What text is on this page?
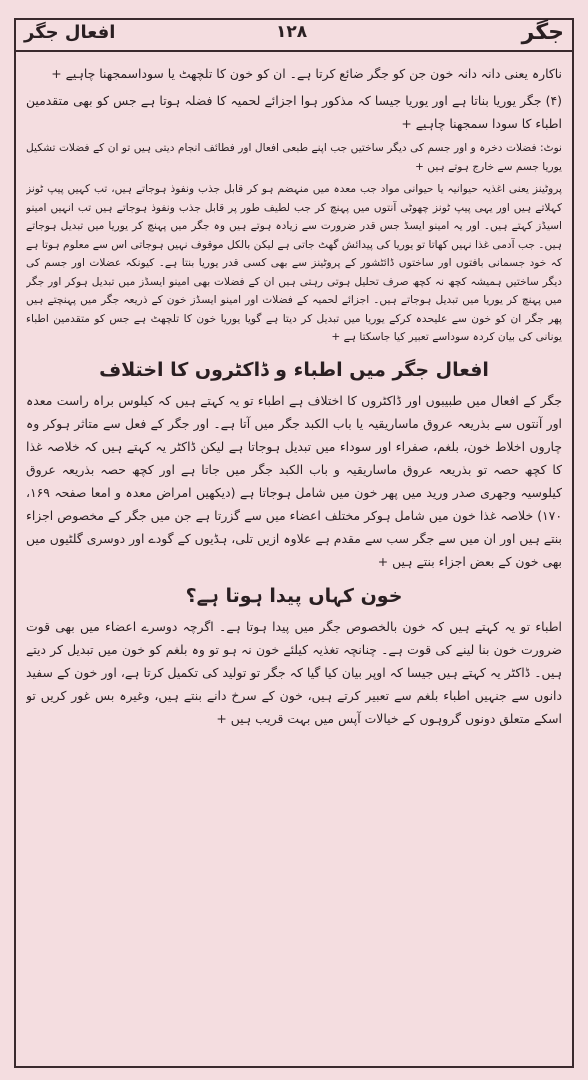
جگر
۱۲۸
افعال جگر

ناکارہ یعنی دانہ دانہ خون جن کو جگر ضائع کرتا ہے۔ ان کو خون کا تلچھٹ یا سوداسمجھنا چاہیے +

(۴) جگر یوریا بناتا ہے اور یوریا جیسا کہ مذکور ہوا اجزائے لحمیہ کا فضلہ ہوتا ہے جس کو بھی متقدمین اطباء کا سودا سمجھنا چاہیے +

نوٹ: فضلات دخرہ و اور جسم کی دیگر ساختیں جب اپنے طبعی افعال اور فطائف انجام دیتی ہیں تو ان کے فضلات تشکیل یوریا جسم سے خارج ہوتے ہیں +

پروٹینز یعنی اغذیہ حیوانیہ یا حیوانی مواد جب معدہ میں منہضم ہو کر قابل جذب ونفوذ ہوجاتے ہیں، تب کہیں پیپ ٹونز کہلاتے ہیں اور یہی پیپ ٹونز چھوٹی آنتوں میں پہنچ کر جب لطیف طور پر قابل جذب ونفوذ ہوجاتے ہیں تب انہیں امینو اسیڈز کہتے ہیں۔ اور یہ امینو ایسڈ جس قدر ضرورت سے زیادہ ہوتے ہیں وہ جگر میں پہنچ کر یوریا میں تبدیل ہوجاتے ہیں۔ جب آدمی غذا نہیں کھاتا تو یوریا کی پیدائش گھٹ جاتی ہے لیکن بالکل موقوف نہیں ہوجاتی اس سے معلوم ہوتا ہے کہ خود جسمانی بافتوں اور ساختوں ڈائٹشور کے پروٹینز سے بھی کسی قدر یوریا بنتا ہے۔ کیونکہ عضلات اور جسم کی دیگر ساختیں ہمیشہ کچھ نہ کچھ صرف تحلیل ہوتی رہتی ہیں ان کے فضلات بھی امینو ایسڈز میں تبدیل ہوکر اور جگر میں پہنچ کر یوریا میں تبدیل ہوجاتے ہیں۔ اجزائے لحمیہ کے فضلات اور امینو ایسڈز خون کے ذریعہ جگر میں پہنچتے ہیں پھر جگر ان کو خون سے علیحدہ کرکے یوریا میں تبدیل کر دیتا ہے گویا یوریا خون کا تلچھٹ ہے جس کو متقدمین اطباء یونانی کی بیان کردہ سوداسے تعبیر کیا جاسکتا ہے +

افعال جگر میں اطباء و ڈاکٹروں کا اختلاف

جگر کے افعال میں طبیبوں اور ڈاکٹروں کا اختلاف ہے اطباء تو یہ کہتے ہیں کہ کیلوس براہ راست معدہ اور آنتوں سے بذریعہ عروق ماساریقیہ یا باب الکبد جگر میں آتا ہے۔ اور جگر کے فعل سے متاثر ہوکر وہ چاروں اخلاط خون، بلغم، صفراء اور سوداء میں تبدیل ہوجاتا ہے لیکن ڈاکٹر یہ کہتے ہیں کہ خلاصہ غذا کا کچھ حصہ تو بذریعہ عروق ماساریقیہ و باب الکبد جگر میں جاتا ہے اور کچھ حصہ بذریعہ عروق کیلوسیہ وجھری صدر ورید میں پھر خون میں شامل ہوجاتا ہے (دیکھیں امراض معدہ و امعا صفحہ ۱۶۹، ۱۷۰) خلاصہ غذا خون میں شامل ہوکر مختلف اعضاء میں سے گزرتا ہے جن میں جگر کے مخصوص اجزاء بنتے ہیں اور ان میں سے جگر سب سے مقدم ہے علاوہ ازیں تلی، ہڈیوں کے گودے اور دوسری گلٹیوں میں بھی خون کے بعض اجزاء بنتے ہیں +

خون کہاں پیدا ہوتا ہے؟

اطباء تو یہ کہتے ہیں کہ خون بالخصوص جگر میں پیدا ہوتا ہے۔ اگرچہ دوسرے اعضاء میں بھی قوت ضرورت خون بنا لینے کی قوت ہے۔ چنانچہ تغذیہ کیلئے خون نہ ہو تو وہ بلغم کو خون میں تبدیل کر دیتے ہیں۔ ڈاکٹر یہ کہتے ہیں جیسا کہ اوپر بیان کیا گیا کہ جگر تو تولید کی تکمیل کرتا ہے، اور خون کے سفید دانوں سے جنہیں اطباء بلغم سے تعبیر کرتے ہیں، خون کے سرخ دانے بنتے ہیں، وغیرہ بس غور کریں تو اسکے متعلق دونوں گروہوں کے خیالات آپس میں بہت قریب ہیں +
